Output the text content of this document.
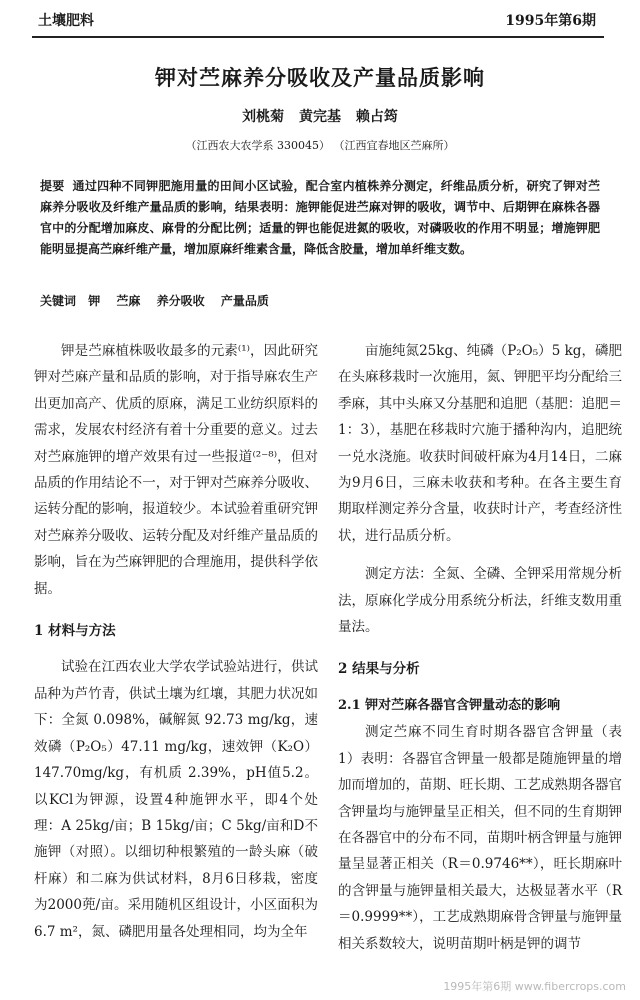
土壤肥料	1995年第6期
钾对苎麻养分吸收及产量品质影响
刘桃菊 黄完基 赖占筠
（江西农大农学系 330045） （江西宜春地区苎麻所）
提要 通过四种不同钾肥施用量的田间小区试验，配合室内植株养分测定，纤维品质分析，研究了钾对苎麻养分吸收及纤维产量品质的影响，结果表明：施钾能促进苎麻对钾的吸收，调节中、后期钾在麻株各器官中的分配增加麻皮、麻骨的分配比例；适量的钾也能促进氮的吸收，对磷吸收的作用不明显；增施钾肥能明显提高苎麻纤维产量，增加原麻纤维素含量，降低含胶量，增加单纤维支数。
关键词 钾 苎麻 养分吸收 产量品质

钾是苎麻植株吸收最多的元素⁽¹⁾，因此研究钾对苎麻产量和品质的影响，对于指导麻农生产出更加高产、优质的原麻，满足工业纺织原料的需求，发展农村经济有着十分重要的意义。过去对苎麻施钾的增产效果有过一些报道⁽²⁻⁸⁾，但对品质的作用结论不一，对于钾对苎麻养分吸收、运转分配的影响，报道较少。本试验着重研究钾对苎麻养分吸收、运转分配及对纤维产量品质的影响，旨在为苎麻钾肥的合理施用，提供科学依据。

1 材料与方法

试验在江西农业大学农学试验站进行，供试品种为芦竹青，供试土壤为红壤，其肥力状况如下：全氮 0.098%，碱解氮 92.73 mg/kg，速效磷（P₂O₅）47.11 mg/kg，速效钾（K₂O）147.70mg/kg，有机质 2.39%，pH值5.2。以KCl为钾源，设置4种施钾水平，即4个处理：A 25kg/亩；B 15kg/亩；C 5kg/亩和D不施钾（对照）。以细切种根繁殖的一龄头麻（破杆麻）和二麻为供试材料，8月6日移栽，密度为2000蔸/亩。采用随机区组设计，小区面积为6.7 m²，氮、磷肥用量各处理相同，均为全年

亩施纯氮25kg、纯磷（P₂O₅）5 kg，磷肥在头麻移栽时一次施用，氮、钾肥平均分配给三季麻，其中头麻又分基肥和追肥（基肥：追肥＝1：3），基肥在移栽时穴施于播种沟内，追肥统一兑水浇施。收获时间破杆麻为4月14日，二麻为9月6日，三麻未收获和考种。在各主要生育期取样测定养分含量，收获时计产，考查经济性状，进行品质分析。

测定方法：全氮、全磷、全钾采用常规分析法，原麻化学成分用系统分析法，纤维支数用重量法。

2 结果与分析

2.1 钾对苎麻各器官含钾量动态的影响

测定苎麻不同生育时期各器官含钾量（表1）表明：各器官含钾量一般都是随施钾量的增加而增加的，苗期、旺长期、工艺成熟期各器官含钾量均与施钾量呈正相关，但不同的生育期钾在各器官中的分布不同，苗期叶柄含钾量与施钾量呈显著正相关（R＝0.9746**），旺长期麻叶的含钾量与施钾量相关最大，达极显著水平（R＝0.9999**），工艺成熟期麻骨含钾量与施钾量相关系数较大，说明苗期叶柄是钾的调节

1995年第6期 www.fibercrops.com
